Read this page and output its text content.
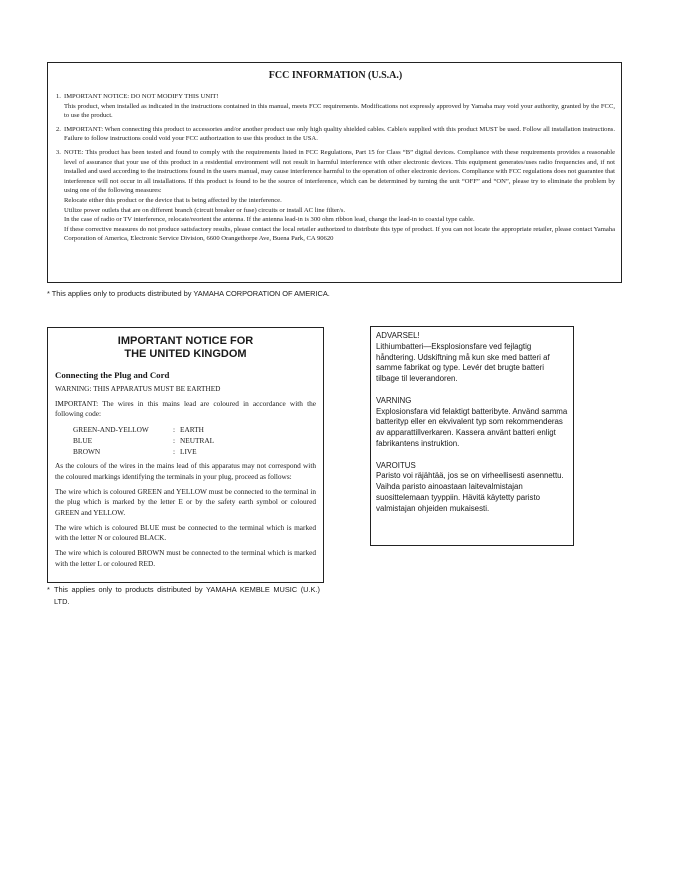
FCC INFORMATION (U.S.A.)
1. IMPORTANT NOTICE: DO NOT MODIFY THIS UNIT!

This product, when installed as indicated in the instructions contained in this manual, meets FCC requirements. Modifications not expressly approved by Yamaha may void your authority, granted by the FCC, to use the product.

2. IMPORTANT: When connecting this product to accessories and/or another product use only high quality shielded cables. Cable/s supplied with this product MUST be used. Follow all installation instructions. Failure to follow instructions could void your FCC authorization to use this product in the USA.

3. NOTE: This product has been tested and found to comply with the requirements listed in FCC Regulations, Part 15 for Class “B” digital devices. Compliance with these requirements provides a reasonable level of assurance that your use of this product in a residential environment will not result in harmful interference with other electronic devices. This equipment generates/uses radio frequencies and, if not installed and used according to the instructions found in the users manual, may cause interference harmful to the operation of other electronic devices. Compliance with FCC regulations does not guarantee that interference will not occur in all installations. If this product is found to be the source of interference, which can be determined by turning the unit “OFF” and “ON”, please try to eliminate the problem by using one of the following measures:

Relocate either this product or the device that is being affected by the interference.

Utilize power outlets that are on different branch (circuit breaker or fuse) circuits or install AC line filter/s.

In the case of radio or TV interference, relocate/reorient the antenna. If the antenna lead-in is 300 ohm ribbon lead, change the lead-in to coaxial type cable.

If these corrective measures do not produce satisfactory results, please contact the local retailer authorized to distribute this type of product. If you can not locate the appropriate retailer, please contact Yamaha Corporation of America, Electronic Service Division, 6600 Orangethorpe Ave, Buena Park, CA 90620

* This applies only to products distributed by YAMAHA CORPORATION OF AMERICA.
IMPORTANT NOTICE FOR
THE UNITED KINGDOM
Connecting the Plug and Cord

WARNING: THIS APPARATUS MUST BE EARTHED

IMPORTANT: The wires in this mains lead are coloured in accordance with the following code:

GREEN-AND-YELLOW	:	EARTH
BLUE	:	NEUTRAL
BROWN	:	LIVE

As the colours of the wires in the mains lead of this apparatus may not correspond with the coloured markings identifying the terminals in your plug, proceed as follows:

The wire which is coloured GREEN and YELLOW must be connected to the terminal in the plug which is marked by the letter E or by the safety earth symbol or coloured GREEN and YELLOW.

The wire which is coloured BLUE must be connected to the terminal which is marked with the letter N or coloured BLACK.

The wire which is coloured BROWN must be connected to the terminal which is marked with the letter L or coloured RED.

* This applies only to products distributed by YAMAHA KEMBLE MUSIC (U.K.) LTD.

ADVARSEL!

Lithiumbatteri—Eksplosionsfare ved fejlagtig håndtering. Udskiftning må kun ske med batteri af samme fabrikat og type. Levér det brugte batteri tilbage til leverandoren.

VARNING

Explosionsfara vid felaktigt batteribyte. Använd samma batterityp eller en ekvivalent typ som rekommenderas av apparattillverkaren. Kassera använt batteri enligt fabrikantens instruktion.

VAROITUS

Paristo voi räjähtää, jos se on virheellisesti asennettu. Vaihda paristo ainoastaan laitevalmistajan suosittelemaan tyyppiin. Hävitä käytetty paristo valmistajan ohjeiden mukaisesti.
